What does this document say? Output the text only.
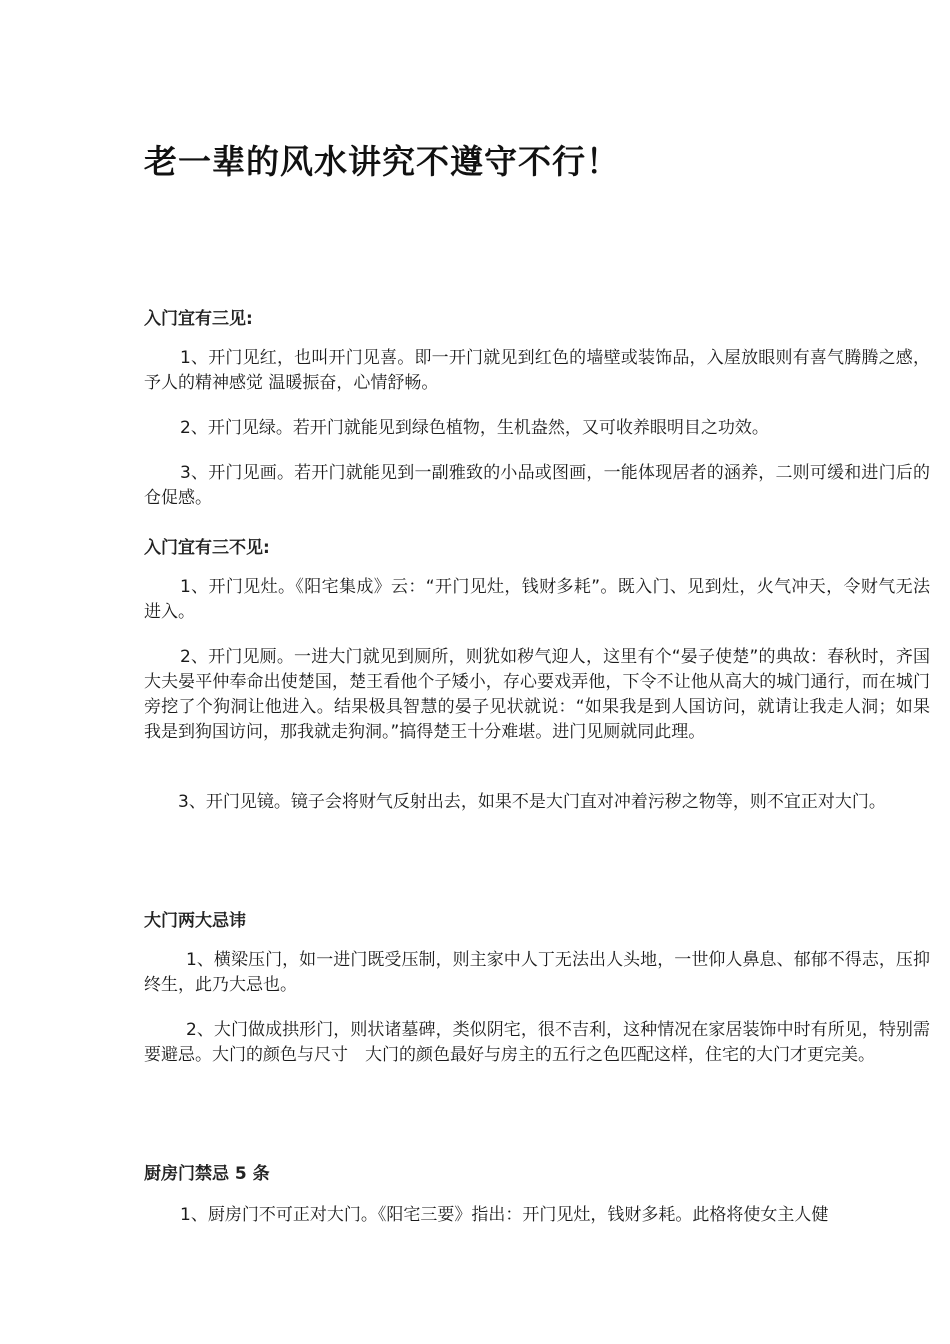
老一辈的风水讲究不遵守不行！
入门宜有三见:

1、开门见红，也叫开门见喜。即一开门就见到红色的墙壁或装饰品，入屋放眼则有喜气腾腾之感，予人的精神感觉 温暖振奋，心情舒畅。

2、开门见绿。若开门就能见到绿色植物，生机盎然，又可收养眼明目之功效。

3、开门见画。若开门就能见到一副雅致的小品或图画，一能体现居者的涵养，二则可缓和进门后的仓促感。

入门宜有三不见:

1、开门见灶。《阳宅集成》云：“开门见灶，钱财多耗”。既入门、见到灶，火气冲天，令财气无法进入。

2、开门见厕。一进大门就见到厕所，则犹如秽气迎人，这里有个“晏子使楚”的典故：春秋时，齐国大夫晏平仲奉命出使楚国，楚王看他个子矮小，存心要戏弄他，下令不让他从高大的城门通行，而在城门旁挖了个狗洞让他进入。结果极具智慧的晏子见状就说：“如果我是到人国访问，就请让我走人洞；如果我是到狗国访问，那我就走狗洞。”搞得楚王十分难堪。进门见厕就同此理。

3、开门见镜。镜子会将财气反射出去，如果不是大门直对冲着污秽之物等，则不宜正对大门。

大门两大忌讳

1、横梁压门，如一进门既受压制，则主家中人丁无法出人头地，一世仰人鼻息、郁郁不得志，压抑终生，此乃大忌也。

2、大门做成拱形门，则状诸墓碑，类似阴宅，很不吉利，这种情况在家居装饰中时有所见，特别需要避忌。大门的颜色与尺寸　大门的颜色最好与房主的五行之色匹配这样，住宅的大门才更完美。

厨房门禁忌 5 条

1、厨房门不可正对大门。《阳宅三要》指出：开门见灶，钱财多耗。此格将使女主人健
